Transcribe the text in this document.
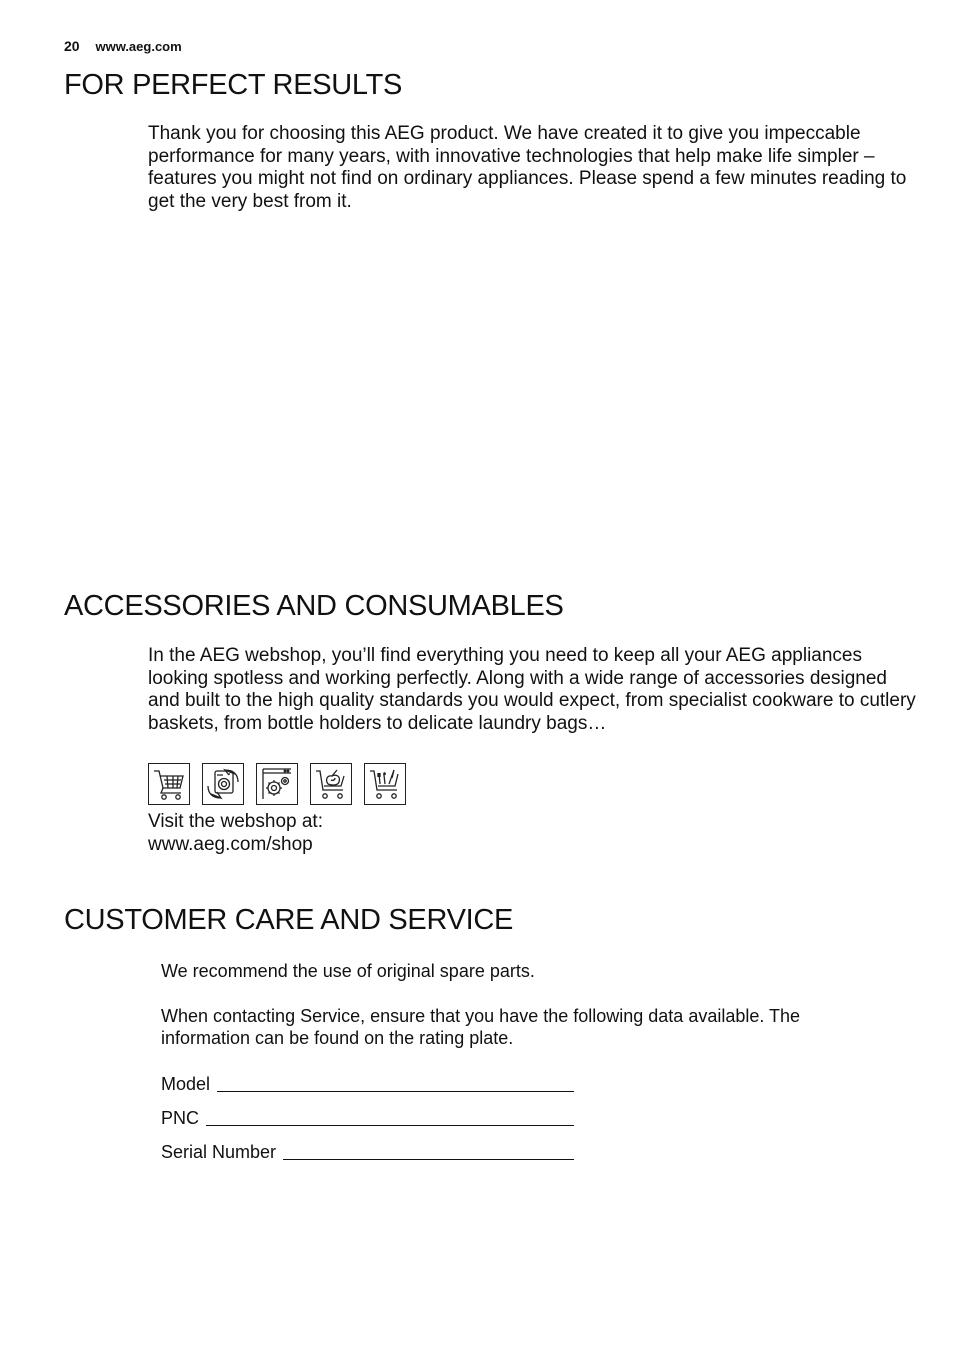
20 www.aeg.com
FOR PERFECT RESULTS

Thank you for choosing this AEG product. We have created it to give you impeccable performance for many years, with innovative technologies that help make life simpler – features you might not find on ordinary appliances. Please spend a few minutes reading to get the very best from it.

ACCESSORIES AND CONSUMABLES

In the AEG webshop, you’ll find everything you need to keep all your AEG appliances looking spotless and working perfectly. Along with a wide range of accessories designed and built to the high quality standards you would expect, from specialist cookware to cutlery baskets, from bottle holders to delicate laundry bags…

Visit the webshop at:
www.aeg.com/shop
CUSTOMER CARE AND SERVICE

We recommend the use of original spare parts.

When contacting Service, ensure that you have the following data available. The information can be found on the rating plate.

Model
PNC
Serial Number
